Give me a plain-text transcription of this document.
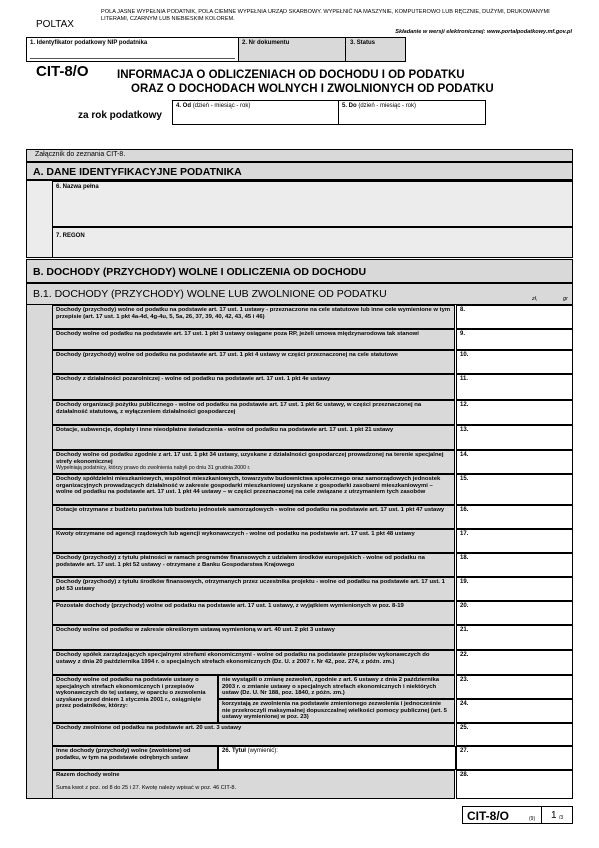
POLTAX
POLA JASNE WYPEŁNIA PODATNIK, POLA CIEMNE WYPEŁNIA URZĄD SKARBOWY. WYPEŁNIĆ NA MASZYNIE, KOMPUTEROWO LUB RĘCZNIE, DUŻYMI, DRUKOWANYMI LITERAMI, CZARNYM LUB NIEBIESKIM KOLOREM.
Składanie w wersji elektronicznej: www.portalpodatkowy.mf.gov.pl
1. Identyfikator podatkowy NIP podatnika	2. Nr dokumentu	3. Status
CIT-8/O INFORMACJA O ODLICZENIACH OD DOCHODU I OD PODATKU
ORAZ O DOCHODACH WOLNYCH I ZWOLNIONYCH OD PODATKU
za rok podatkowy
4. Od (dzień - miesiąc - rok)	5. Do (dzień - miesiąc - rok)
Załącznik do zeznania CIT-8.
A. DANE IDENTYFIKACYJNE PODATNIKA
6. Nazwa pełna
7. REGON
B. DOCHODY (PRZYCHODY) WOLNE I ODLICZENIA OD DOCHODU
B.1. DOCHODY (PRZYCHODY) WOLNE LUB ZWOLNIONE OD PODATKU	zł,	gr
Dochody (przychody) wolne od podatku na podstawie art. 17 ust. 1 ustawy - przeznaczone na cele statutowe lub inne cele wymienione w tym przepisie (art. 17 ust. 1 pkt 4a-4d, 4g-4u, 5, 5a, 26, 37, 39, 40, 42, 43, 45 i 46)
8.
Dochody wolne od podatku na podstawie art. 17 ust. 1 pkt 3 ustawy osiągane poza RP, jeżeli umowa międzynarodowa tak stanowi	9.
Dochody (przychody) wolne od podatku na podstawie art. 17 ust. 1 pkt 4 ustawy w części przeznaczonej na cele statutowe	10.
Dochody z działalności pozarolniczej - wolne od podatku na podstawie art. 17 ust. 1 pkt 4e ustawy	11.
Dochody organizacji pożytku publicznego - wolne od podatku na podstawie art. 17 ust. 1 pkt 6c ustawy, w części przeznaczonej na działalność statutową, z wyłączeniem działalności gospodarczej
12.
Dotacje, subwencje, dopłaty i inne nieodpłatne świadczenia - wolne od podatku na podstawie art. 17 ust. 1 pkt 21 ustawy	13.
Dochody wolne od podatku zgodnie z art. 17 ust. 1 pkt 34 ustawy, uzyskane z działalności gospodarczej prowadzonej na terenie specjalnej strefy ekonomicznej
Wypełniają podatnicy, którzy prawo do zwolnienia nabyli po dniu 31 grudnia 2000 r.
14.
Dochody spółdzielni mieszkaniowych, wspólnot mieszkaniowych, towarzystw budownictwa społecznego oraz samorządowych jednostek organizacyjnych prowadzących działalność w zakresie gospodarki mieszkaniowej uzyskane z gospodarki zasobami mieszkaniowymi – wolne od podatku na podstawie art. 17 ust. 1 pkt 44 ustawy – w części przeznaczonej na cele związane z utrzymaniem tych zasobów
15.
Dotacje otrzymane z budżetu państwa lub budżetu jednostek samorządowych - wolne od podatku na podstawie art. 17 ust. 1 pkt 47 ustawy	16.
Kwoty otrzymane od agencji rządowych lub agencji wykonawczych - wolne od podatku na podstawie art. 17 ust. 1 pkt 48 ustawy	17.
Dochody (przychody) z tytułu płatności w ramach programów finansowych z udziałem środków europejskich - wolne od podatku na podstawie art. 17 ust. 1 pkt 52 ustawy - otrzymane z Banku Gospodarstwa Krajowego
18.
Dochody (przychody) z tytułu środków finansowych, otrzymanych przez uczestnika projektu - wolne od podatku na podstawie art. 17 ust. 1 pkt 53 ustawy
19.
Pozostałe dochody (przychody) wolne od podatku na podstawie art. 17 ust. 1 ustawy, z wyjątkiem wymienionych w poz. 8-19	20.
Dochody wolne od podatku w zakresie określonym ustawą wymienioną w art. 40 ust. 2 pkt 3 ustawy	21.
Dochody spółek zarządzających specjalnymi strefami ekonomicznymi - wolne od podatku na podstawie przepisów wykonawczych do ustawy z dnia 20 października 1994 r. o specjalnych strefach ekonomicznych (Dz. U. z 2007 r. Nr 42, poz. 274, z późn. zm.)
22.
Dochody wolne od podatku na podstawie ustawy o specjalnych strefach ekonomicznych i przepisów wykonawczych do tej ustawy, w oparciu o zezwolenia uzyskane przed dniem 1 stycznia 2001 r., osiągnięte przez podatników, którzy:
nie wystąpili o zmianę zezwoleń, zgodnie z art. 6 ustawy z dnia 2 października 2003 r. o zmianie ustawy o specjalnych strefach ekonomicznych i niektórych ustaw (Dz. U. Nr 188, poz. 1840, z późn. zm.)
23.
korzystają ze zwolnienia na podstawie zmienionego zezwolenia i jednocześnie nie przekroczyli maksymalnej dopuszczalnej wielkości pomocy publicznej (art. 5 ustawy wymienionej w poz. 23)
24.
Dochody zwolnione od podatku na podstawie art. 20 ust. 3 ustawy	25.
Inne dochody (przychody) wolne (zwolnione) od podatku, w tym na podstawie odrębnych ustaw
26. Tytuł (wymienić):	27.
Razem dochody wolne
Suma kwot z poz. od 8 do 25 i 27. Kwotę należy wpisać w poz. 46 CIT-8.
28.
CIT-8/O	(9) 1 /3
